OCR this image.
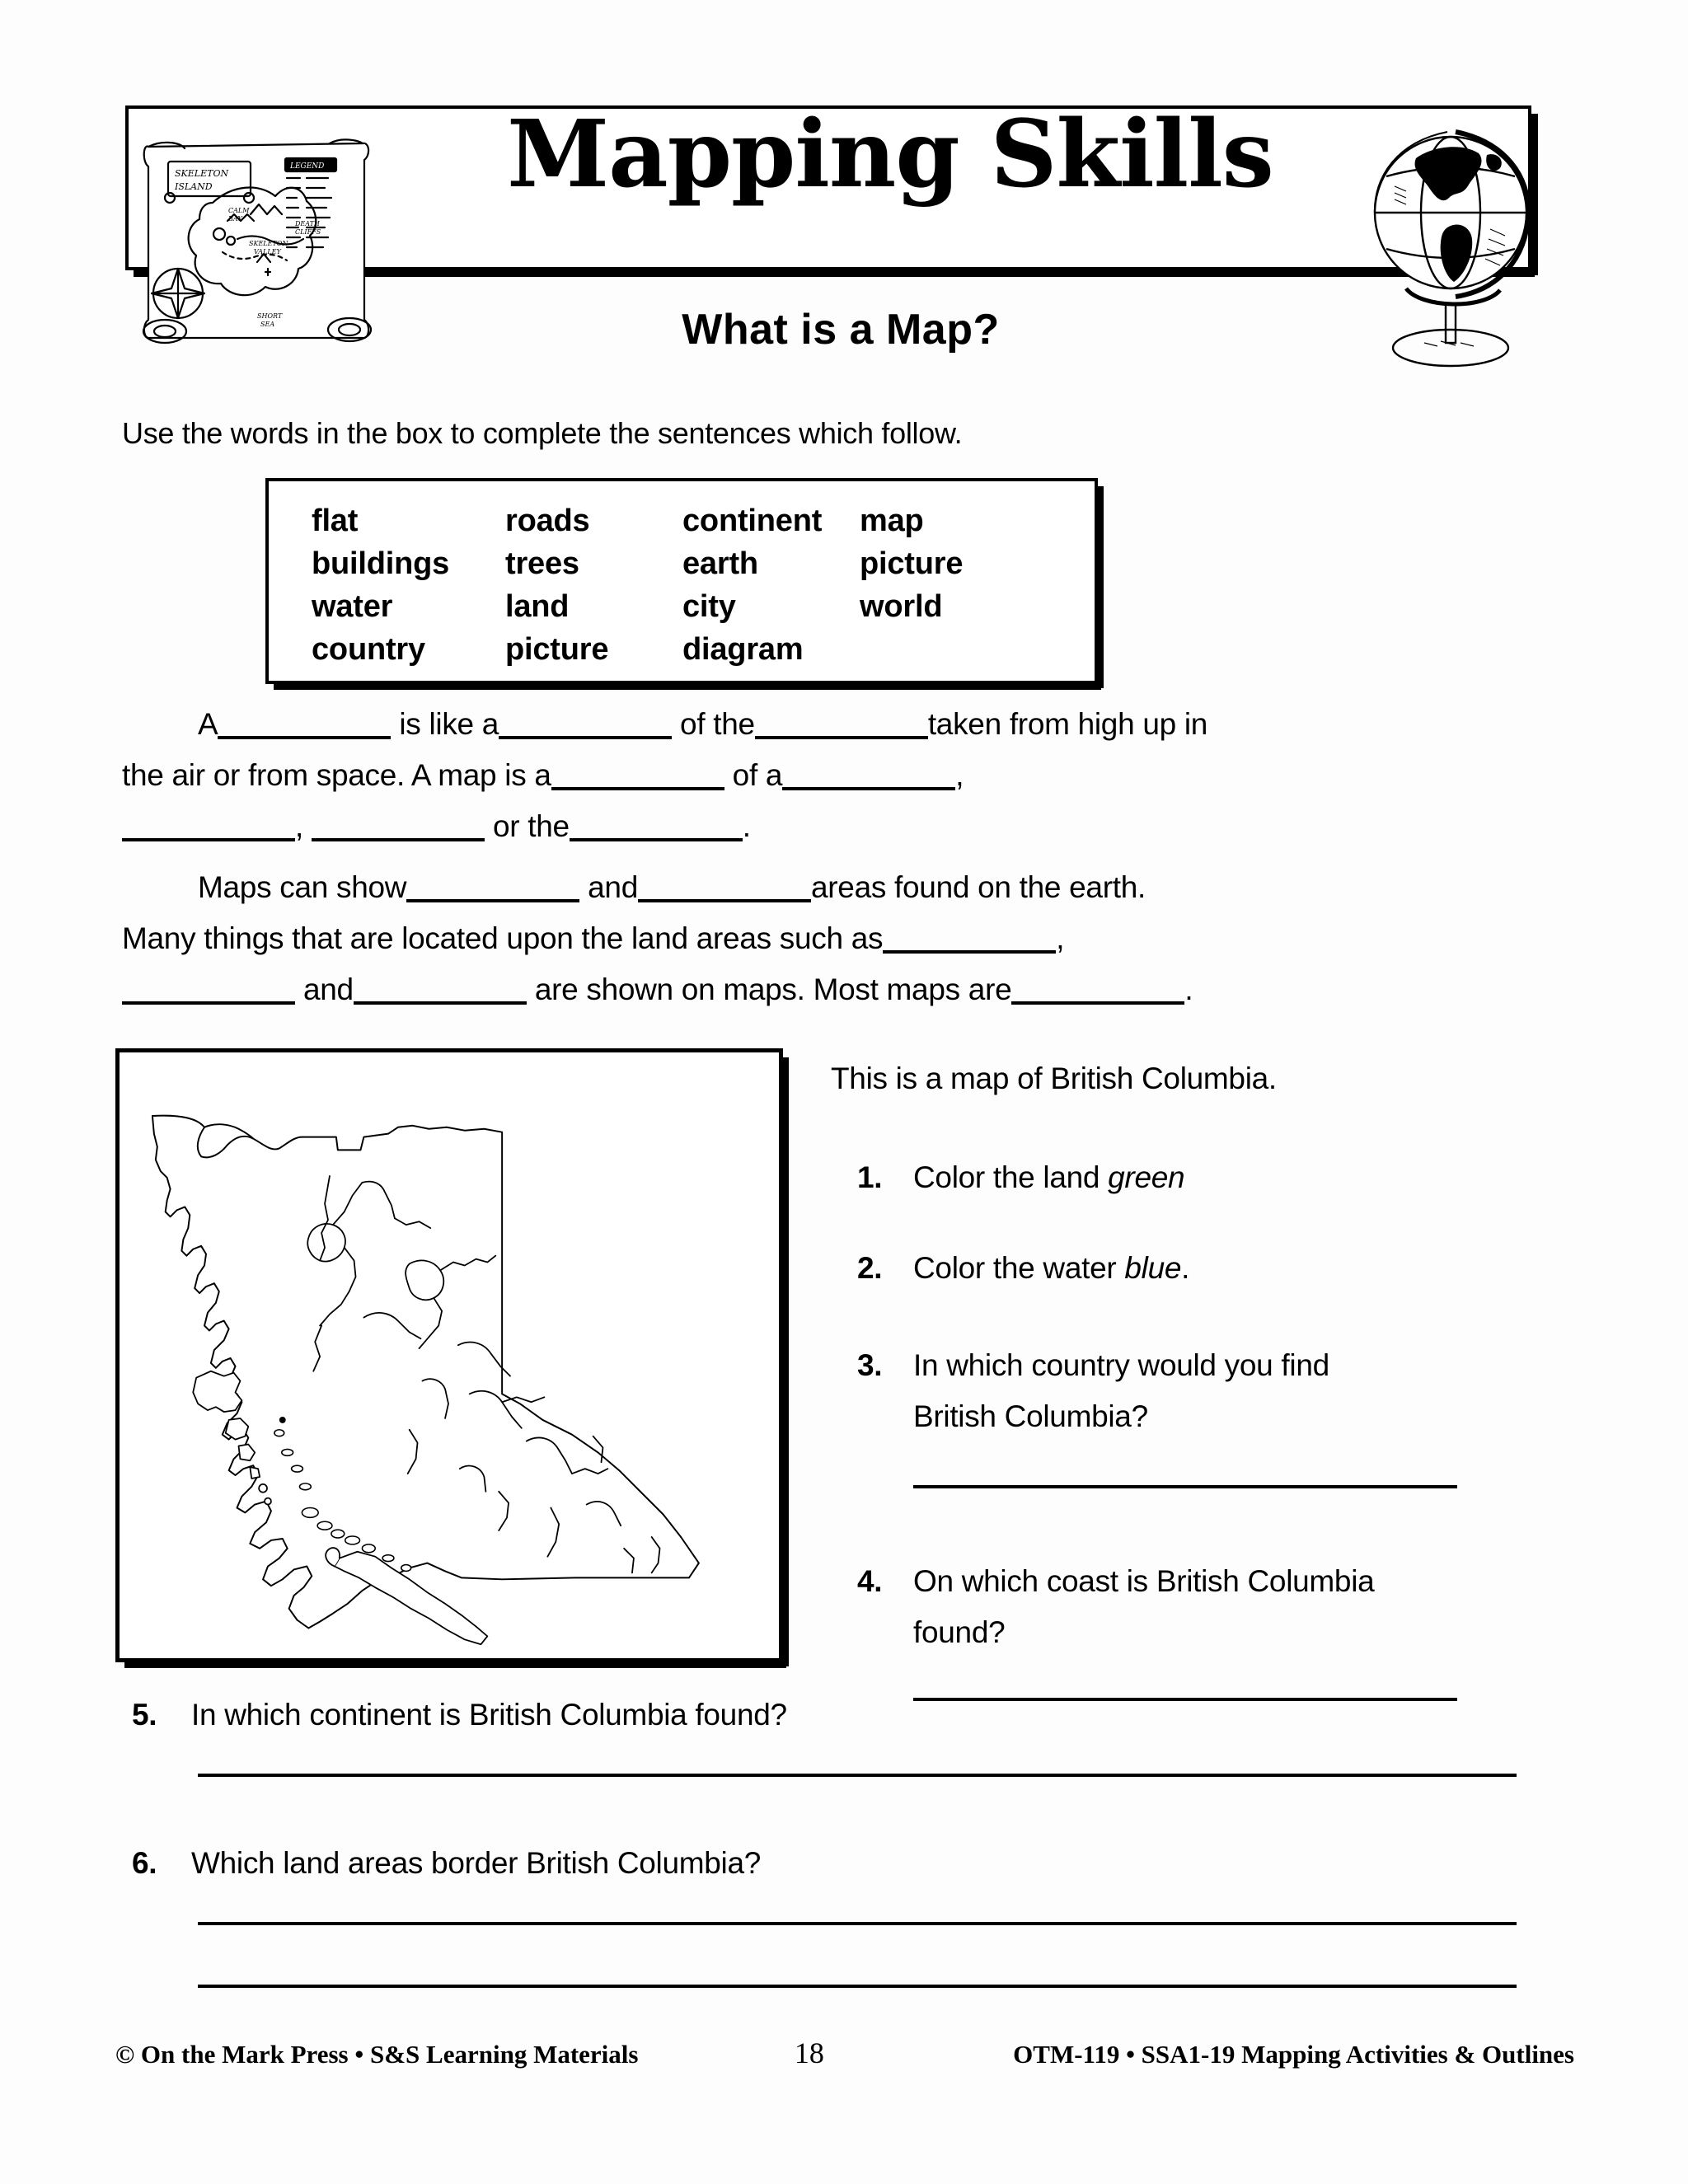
SKELETON
ISLAND
LEGEND
CALM
BAY
DEATH
CLIFFS
SKELETON
VALLEY
SHORT
SEA
Mapping Skills
What is a Map?
Use the words in the box to complete the sentences which follow.
flat	roads	continent	map
buildings	trees	earth	picture
water	land	city	world
country	picture	diagram
A	is like a	of the	taken from high up in
the air or from space. A map is a	of a	,
,	or the	.
Maps can show	and	areas found on the earth.
Many things that are located upon the land areas such as	,
and	are shown on maps. Most maps are	.
This is a map of British Columbia.
1. Color the land green
2. Color the water blue.
3. In which country would you find
British Columbia?
4. On which coast is British Columbia
found?
5. In which continent is British Columbia found?
6. Which land areas border British Columbia?
© On the Mark Press • S&S Learning Materials	18	OTM-119 • SSA1-19 Mapping Activities & Outlines
